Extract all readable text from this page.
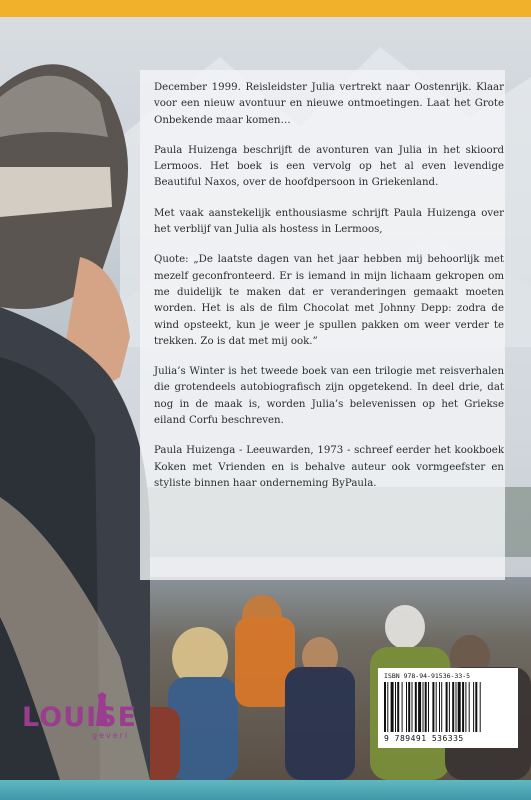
December 1999. Reisleidster Julia vertrekt naar Oostenrijk. Klaar voor een nieuw avontuur en nieuwe ontmoetingen. Laat het Grote Onbekende maar komen…

Paula Huizenga beschrijft de avonturen van Julia in het skioord Lermoos. Het boek is een vervolg op het al even levendige Beautiful Naxos, over de hoofdpersoon in Griekenland.

Met vaak aanstekelijk enthousiasme schrijft Paula Huizenga over het verblijf van Julia als hostess in Lermoos,

Quote: „De laatste dagen van het jaar hebben mij behoorlijk met mezelf geconfronteerd. Er is iemand in mijn lichaam gekropen om me duidelijk te maken dat er veranderingen gemaakt moeten worden. Het is als de film Chocolat met Johnny Depp: zodra de wind opsteekt, kun je weer je spullen pakken om weer verder te trekken. Zo is dat met mij ook.”

Julia’s Winter is het tweede boek van een trilogie met reisverhalen die grotendeels autobiografisch zijn opgetekend. In deel drie, dat nog in de maak is, worden Julia’s belevenissen op het Griekse eiland Corfu beschreven.

Paula Huizenga - Leeuwarden, 1973 - schreef eerder het kookboek Koken met Vrienden en is behalve auteur ook vormgeefster en styliste binnen haar onderneming ByPaula.

LOUISE
geverl
ISBN 978-94-91536-33-5
9 789491 536335
